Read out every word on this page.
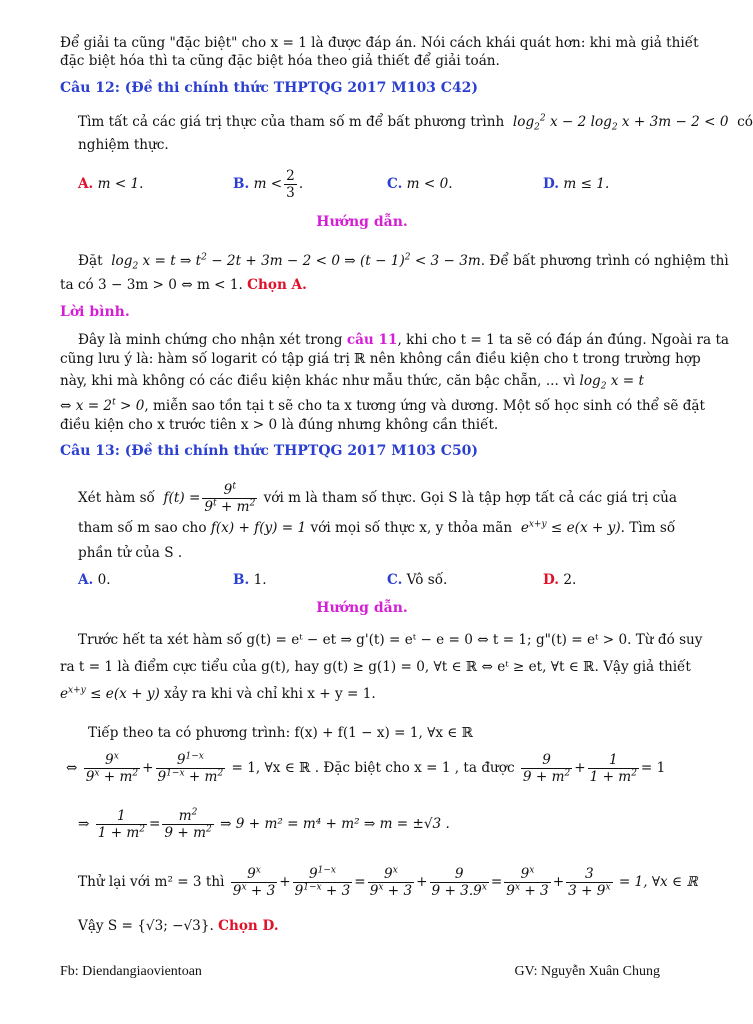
Để giải ta cũng "đặc biệt" cho x = 1 là được đáp án. Nói cách khái quát hơn: khi mà giả thiết
đặc biệt hóa thì ta cũng đặc biệt hóa theo giả thiết để giải toán.
Câu 12: (Đề thi chính thức THPTQG 2017 M103 C42)
Tìm tất cả các giá trị thực của tham số m để bất phương trình  $\log_2^2 x - 2$ $\log_2 x + 3m - 2 < 0$  có
nghiệm thực.
A. m < 1.	B. $m < \frac{2}{3}$ .	C. m < 0.	D. m ≤ 1.
Hướng dẫn.
Đặt  $\log_2 x = t$ ⇒ $t^2 - 2t + 3m - 2 < 0$ ⇒ $(t - 1)^2 < 3 - 3m$. Để bất phương trình có nghiệm thì
ta có 3 − 3m > 0 ⇔ m < 1. Chọn A.
Lời bình.
Đây là minh chứng cho nhận xét trong câu 11, khi cho t = 1 ta sẽ có đáp án đúng. Ngoài ra ta
cũng lưu ý là: hàm số logarit có tập giá trị ℝ nên không cần điều kiện cho t trong trường hợp
này, khi mà không có các điều kiện khác như mẫu thức, căn bậc chẵn, ... vì $\log_2 x = t$
⇔ $x = 2^t > 0$, miễn sao tồn tại t sẽ cho ta x tương ứng và dương. Một số học sinh có thể sẽ đặt
điều kiện cho x trước tiên x > 0 là đúng nhưng không cần thiết.
Câu 13: (Đề thi chính thức THPTQG 2017 M103 C50)
Xét hàm số  $f(t) = \frac{9^t}{9^t + m^2}$ với m là tham số thực. Gọi S là tập hợp tất cả các giá trị của
tham số m sao cho f(x) + f(y) = 1 với mọi số thực x, y thỏa mãn  $e^{x+y} \le e(x + y)$. Tìm số
phần tử của S .
A. 0.	B. 1.	C. Vô số.	D. 2.
Hướng dẫn.
Trước hết ta xét hàm số g(t) = eᵗ − et ⇒ g'(t) = eᵗ − e = 0 ⇔ t = 1; g"(t) = eᵗ > 0. Từ đó suy
ra t = 1 là điểm cực tiểu của g(t), hay g(t) ≥ g(1) = 0, ∀t ∈ ℝ ⇔ eᵗ ≥ et, ∀t ∈ ℝ. Vậy giả thiết
$e^{x+y} \le e(x + y)$ xảy ra khi và chỉ khi x + y = 1.
Tiếp theo ta có phương trình: f(x) + f(1 − x) = 1, ∀x ∈ ℝ
⇔ $\frac{9^x}{9^x + m^2} + \frac{9^{1-x}}{9^{1-x} + m^2} = 1$, ∀x ∈ ℝ . Đặc biệt cho x = 1 , ta được $\frac{9}{9 + m^2} + \frac{1}{1 + m^2} = 1$
⇒ $\frac{1}{1 + m^2} = \frac{m^2}{9 + m^2}$ ⇒ 9 + m² = m⁴ + m² ⇒ m = ±√3 .
Thử lại với m² = 3 thì $\frac{9^x}{9^x + 3} + \frac{9^{1-x}}{9^{1-x} + 3} = \frac{9^x}{9^x + 3} + \frac{9}{9 + 3.9^x} = \frac{9^x}{9^x + 3} + \frac{3}{3 + 9^x} = 1$, ∀x ∈ ℝ
Vậy S = {√3; −√3}. Chọn D.
Fb: Diendangiaovientoan	GV: Nguyễn Xuân Chung
